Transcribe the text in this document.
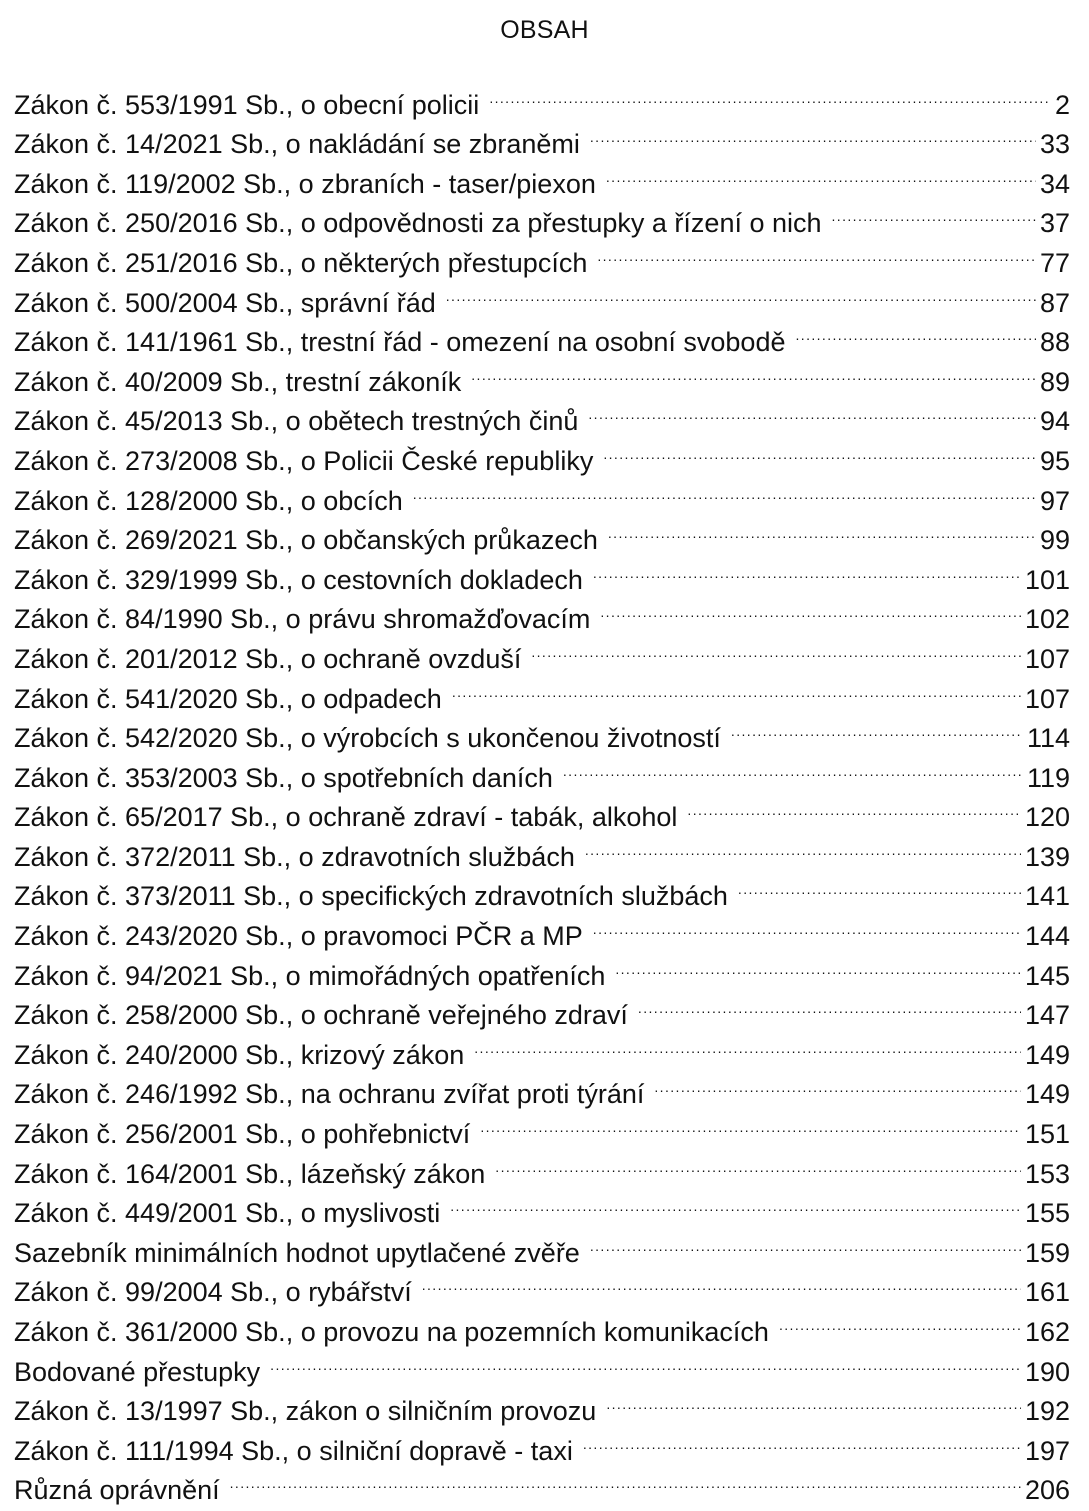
OBSAH
Zákon č. 553/1991 Sb., o obecní policii .....	2
Zákon č. 14/2021 Sb., o nakládání se zbraněmi .....	33
Zákon č. 119/2002 Sb., o zbraních - taser/piexon .....	34
Zákon č. 250/2016 Sb., o odpovědnosti za přestupky a řízení o nich .....	37
Zákon č. 251/2016 Sb., o některých přestupcích .....	77
Zákon č. 500/2004 Sb., správní řád .....	87
Zákon č. 141/1961 Sb., trestní řád - omezení na osobní svobodě .....	88
Zákon č. 40/2009 Sb., trestní zákoník .....	89
Zákon č. 45/2013 Sb., o obětech trestných činů .....	94
Zákon č. 273/2008 Sb., o Policii České republiky .....	95
Zákon č. 128/2000 Sb., o obcích .....	97
Zákon č. 269/2021 Sb., o občanských průkazech .....	99
Zákon č. 329/1999 Sb., o cestovních dokladech .....	101
Zákon č. 84/1990 Sb., o právu shromažďovacím .....	102
Zákon č. 201/2012 Sb., o ochraně ovzduší .....	107
Zákon č. 541/2020 Sb., o odpadech .....	107
Zákon č. 542/2020 Sb., o výrobcích s ukončenou životností .....	114
Zákon č. 353/2003 Sb., o spotřebních daních .....	119
Zákon č. 65/2017 Sb., o ochraně zdraví - tabák, alkohol .....	120
Zákon č. 372/2011 Sb., o zdravotních službách .....	139
Zákon č. 373/2011 Sb., o specifických zdravotních službách .....	141
Zákon č. 243/2020 Sb., o pravomoci PČR a MP .....	144
Zákon č. 94/2021 Sb., o mimořádných opatřeních .....	145
Zákon č. 258/2000 Sb., o ochraně veřejného zdraví .....	147
Zákon č. 240/2000 Sb., krizový zákon .....	149
Zákon č. 246/1992 Sb., na ochranu zvířat proti týrání .....	149
Zákon č. 256/2001 Sb., o pohřebnictví .....	151
Zákon č. 164/2001 Sb., lázeňský zákon .....	153
Zákon č. 449/2001 Sb., o myslivosti .....	155
Sazebník minimálních hodnot upytlačené zvěře .....	159
Zákon č. 99/2004 Sb., o rybářství .....	161
Zákon č. 361/2000 Sb., o provozu na pozemních komunikacích .....	162
Bodované přestupky .....	190
Zákon č. 13/1997 Sb., zákon o silničním provozu .....	192
Zákon č. 111/1994 Sb., o silniční dopravě - taxi .....	197
Různá oprávnění .....	206
